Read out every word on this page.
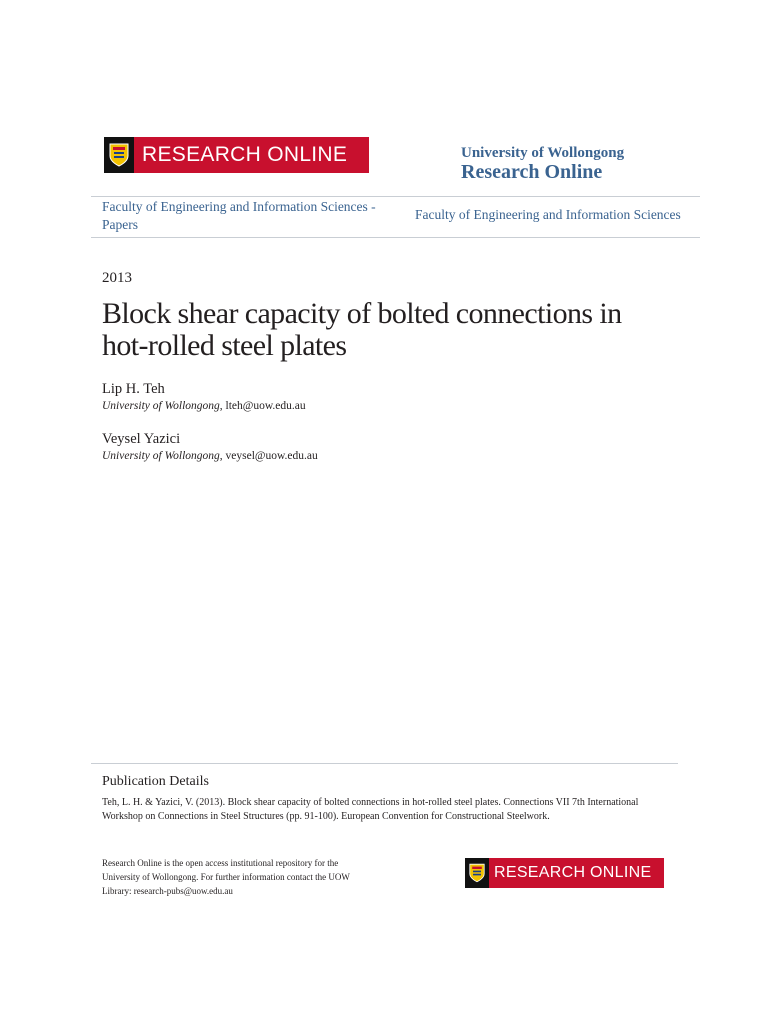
RESEARCH ONLINE	University of Wollongong
Research Online
Faculty of Engineering and Information Sciences - Papers
Faculty of Engineering and Information Sciences
2013
Block shear capacity of bolted connections in hot-rolled steel plates
Lip H. Teh
University of Wollongong, lteh@uow.edu.au
Veysel Yazici
University of Wollongong, veysel@uow.edu.au
Publication Details
Teh, L. H. & Yazici, V. (2013). Block shear capacity of bolted connections in hot-rolled steel plates. Connections VII 7th International Workshop on Connections in Steel Structures (pp. 91-100). European Convention for Constructional Steelwork.
Research Online is the open access institutional repository for the University of Wollongong. For further information contact the UOW Library: research-pubs@uow.edu.au
RESEARCH ONLINE
